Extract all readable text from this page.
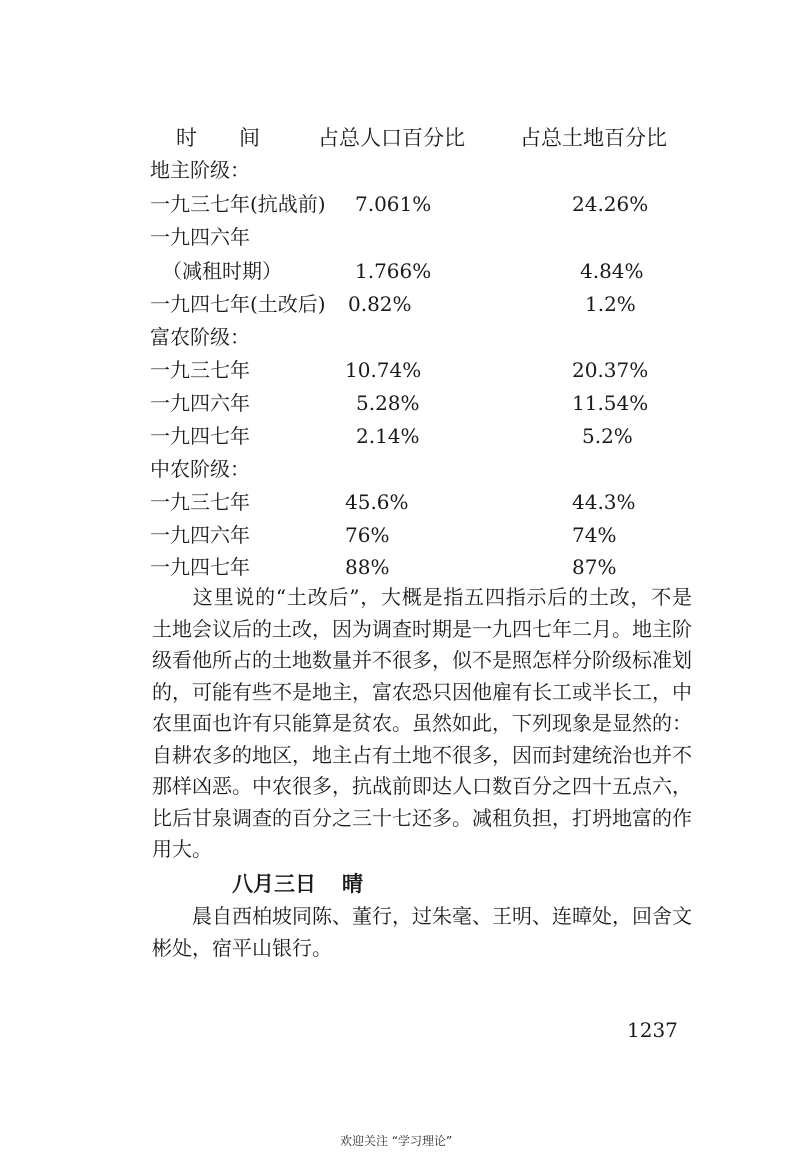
时　　间	占总人口百分比	占总土地百分比
地主阶级：
一九三七年(抗战前) 7.061%	24.26%
一九四六年
（减租时期）	1.766%	4.84%
一九四七年(土改后) 0.82%	1.2%
富农阶级：
一九三七年	10.74%	20.37%
一九四六年	5.28%	11.54%
一九四七年	2.14%	5.2%
中农阶级：
一九三七年	45.6%	44.3%
一九四六年	76%	74%
一九四七年	88%	87%
这里说的“土改后”，大概是指五四指示后的土改，不是土地会议后的土改，因为调查时期是一九四七年二月。地主阶级看他所占的土地数量并不很多，似不是照怎样分阶级标准划的，可能有些不是地主，富农恐只因他雇有长工或半长工，中农里面也许有只能算是贫农。虽然如此，下列现象是显然的：自耕农多的地区，地主占有土地不很多，因而封建统治也并不那样凶恶。中农很多，抗战前即达人口数百分之四十五点六，比后甘泉调查的百分之三十七还多。减租负担，打坍地富的作用大。
八月三日 晴
晨自西柏坡同陈、董行，过朱毫、王明、连暲处，回舍文彬处，宿平山银行。
1237
欢迎关注 “学习理论”
